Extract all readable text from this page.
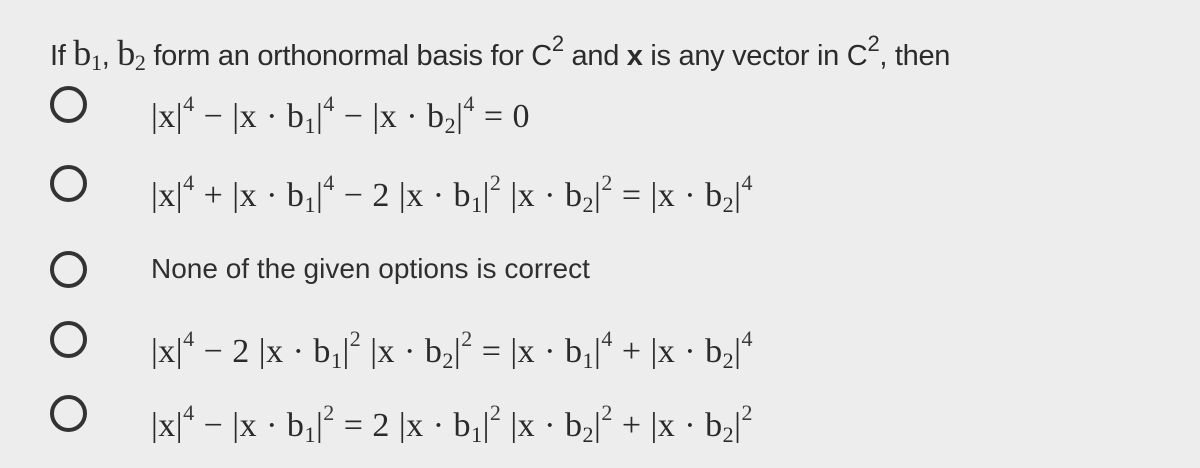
If b1, b2 form an orthonormal basis for $C^2$ and x is any vector in $C^2$, then
$|x|^4 - |x \cdot b_1|^4 - |x \cdot b_2|^4 = 0$
$|x|^4 + |x \cdot b_1|^4 - 2$ $|x \cdot b_1|^2$ $|x \cdot b_2|^2 = |x \cdot b_2|^4$
None of the given options is correct
$|x|^4 - 2$ $|x \cdot b_1|^2$ $|x \cdot b_2|^2 = |x \cdot b_1|^4 + |x \cdot b_2|^4$
$|x|^4 - |x \cdot b_1|^2 = 2$ $|x \cdot b_1|^2$ $|x \cdot b_2|^2 + |x \cdot b_2|^2$
